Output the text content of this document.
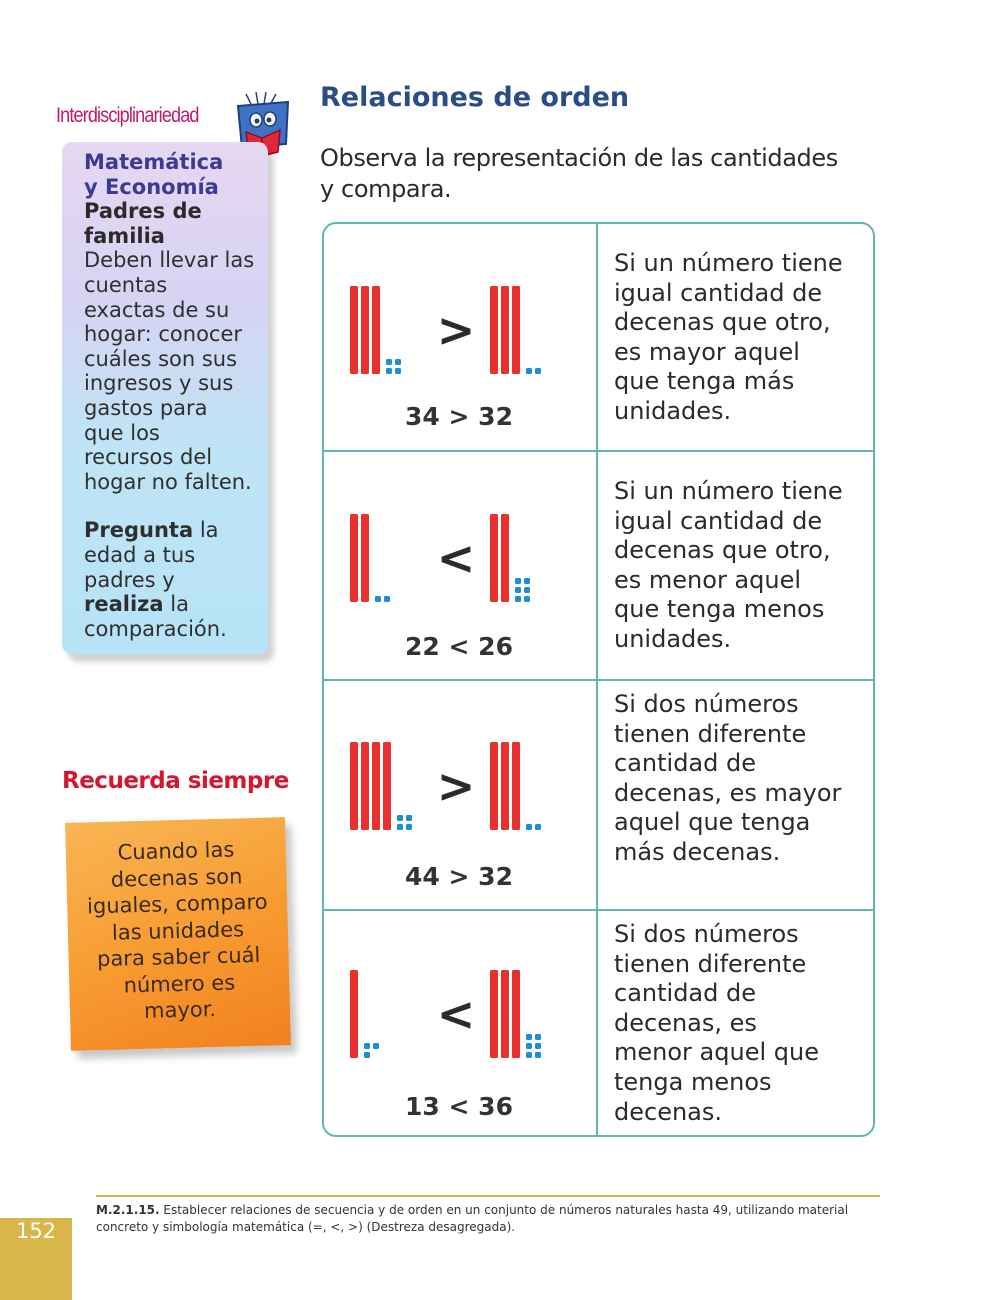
Interdisciplinariedad

Matemática

y Economía

Padres de

familia

Deben llevar las

cuentas

exactas de su

hogar: conocer

cuáles son sus

ingresos y sus

gastos para

que los

recursos del

hogar no falten.

Pregunta la

edad a tus

padres y

realiza la

comparación.

Recuerda siempre
Cuando las
decenas son
iguales, comparo
las unidades
para saber cuál
número es
mayor.
Relaciones de orden
Observa la representación de las cantidades
y compara.
>
34 > 32
Si un número tiene
igual cantidad de
decenas que otro,
es mayor aquel
que tenga más
unidades.
<
22 < 26
Si un número tiene
igual cantidad de
decenas que otro,
es menor aquel
que tenga menos
unidades.
>
44 > 32
Si dos números
tienen diferente
cantidad de
decenas, es mayor
aquel que tenga
más decenas.
<
13 < 36
Si dos números
tienen diferente
cantidad de
decenas, es
menor aquel que
tenga menos
decenas.
M.2.1.15. Establecer relaciones de secuencia y de orden en un conjunto de números naturales hasta 49, utilizando material concreto y simbología matemática (=, <, >) (Destreza desagregada).
152
